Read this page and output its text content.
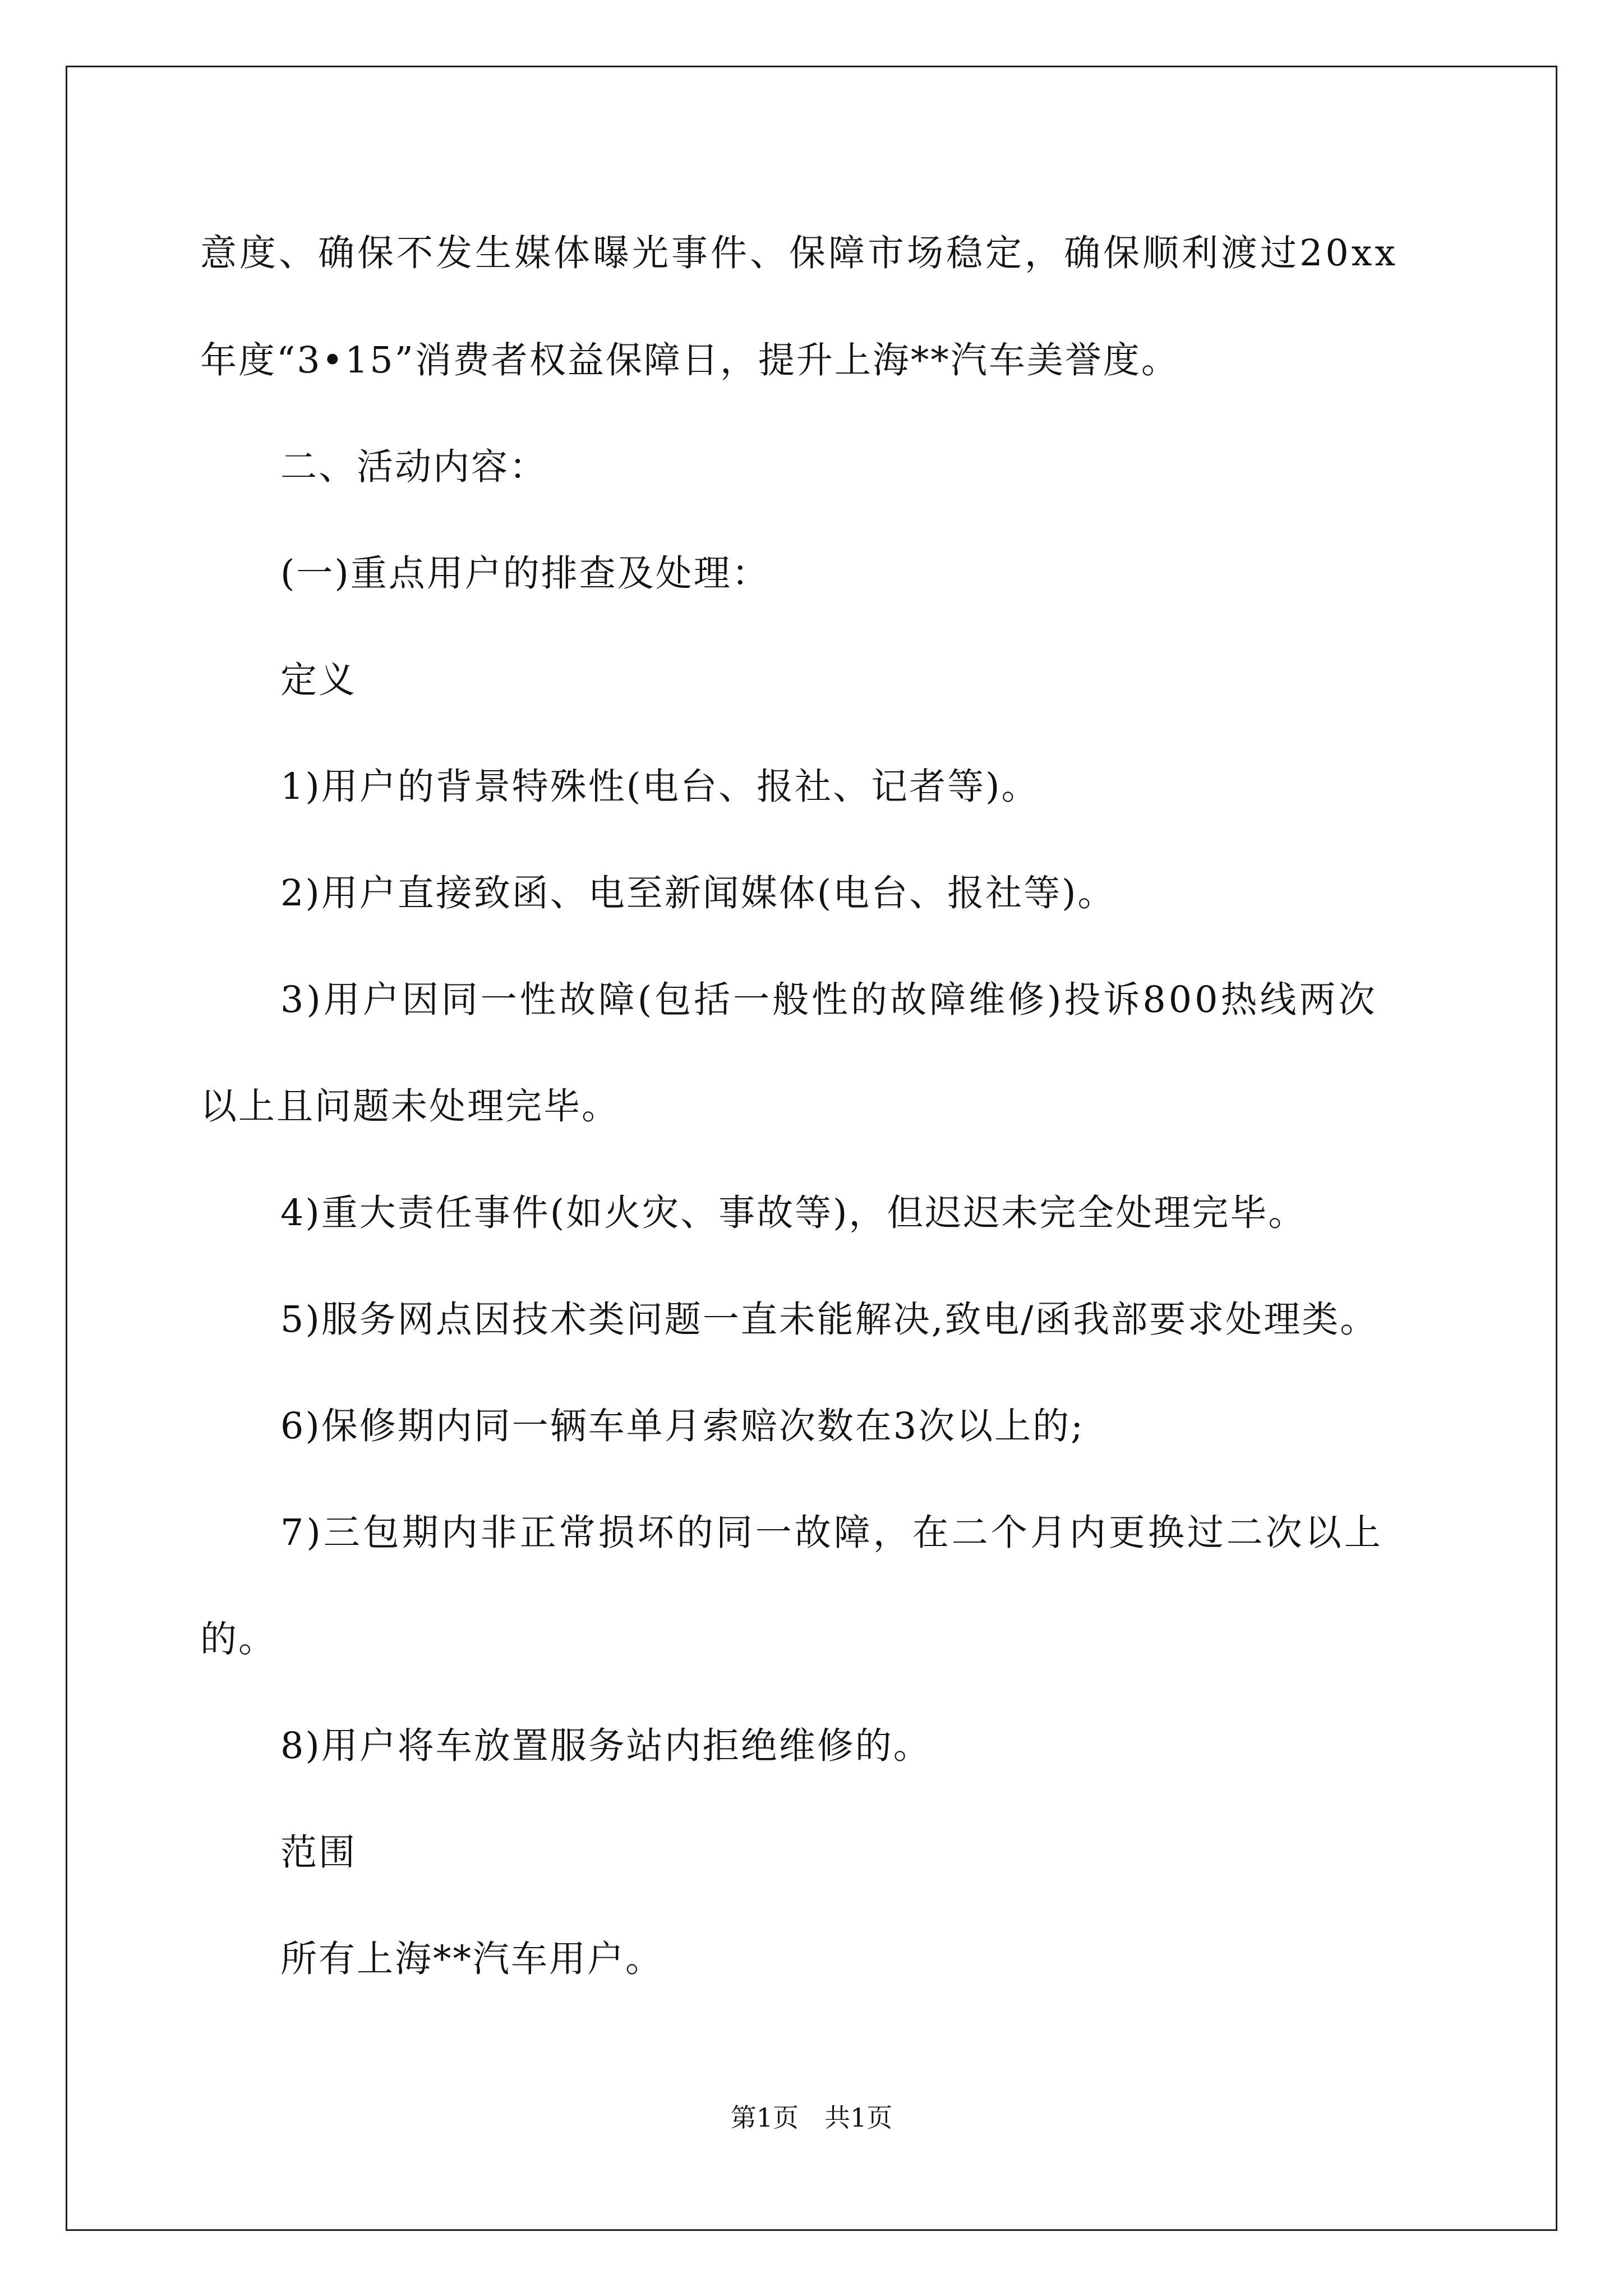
意度、确保不发生媒体曝光事件、保障市场稳定，确保顺利渡过20xx
年度“3•15”消费者权益保障日，提升上海**汽车美誉度。
二、活动内容：
(一)重点用户的排查及处理：
定义
1)用户的背景特殊性(电台、报社、记者等)。
2)用户直接致函、电至新闻媒体(电台、报社等)。
3)用户因同一性故障(包括一般性的故障维修)投诉800热线两次
以上且问题未处理完毕。
4)重大责任事件(如火灾、事故等)，但迟迟未完全处理完毕。
5)服务网点因技术类问题一直未能解决,致电/函我部要求处理类。
6)保修期内同一辆车单月索赔次数在3次以上的;
7)三包期内非正常损坏的同一故障，在二个月内更换过二次以上
的。
8)用户将车放置服务站内拒绝维修的。
范围
所有上海**汽车用户。
第1页　共1页
